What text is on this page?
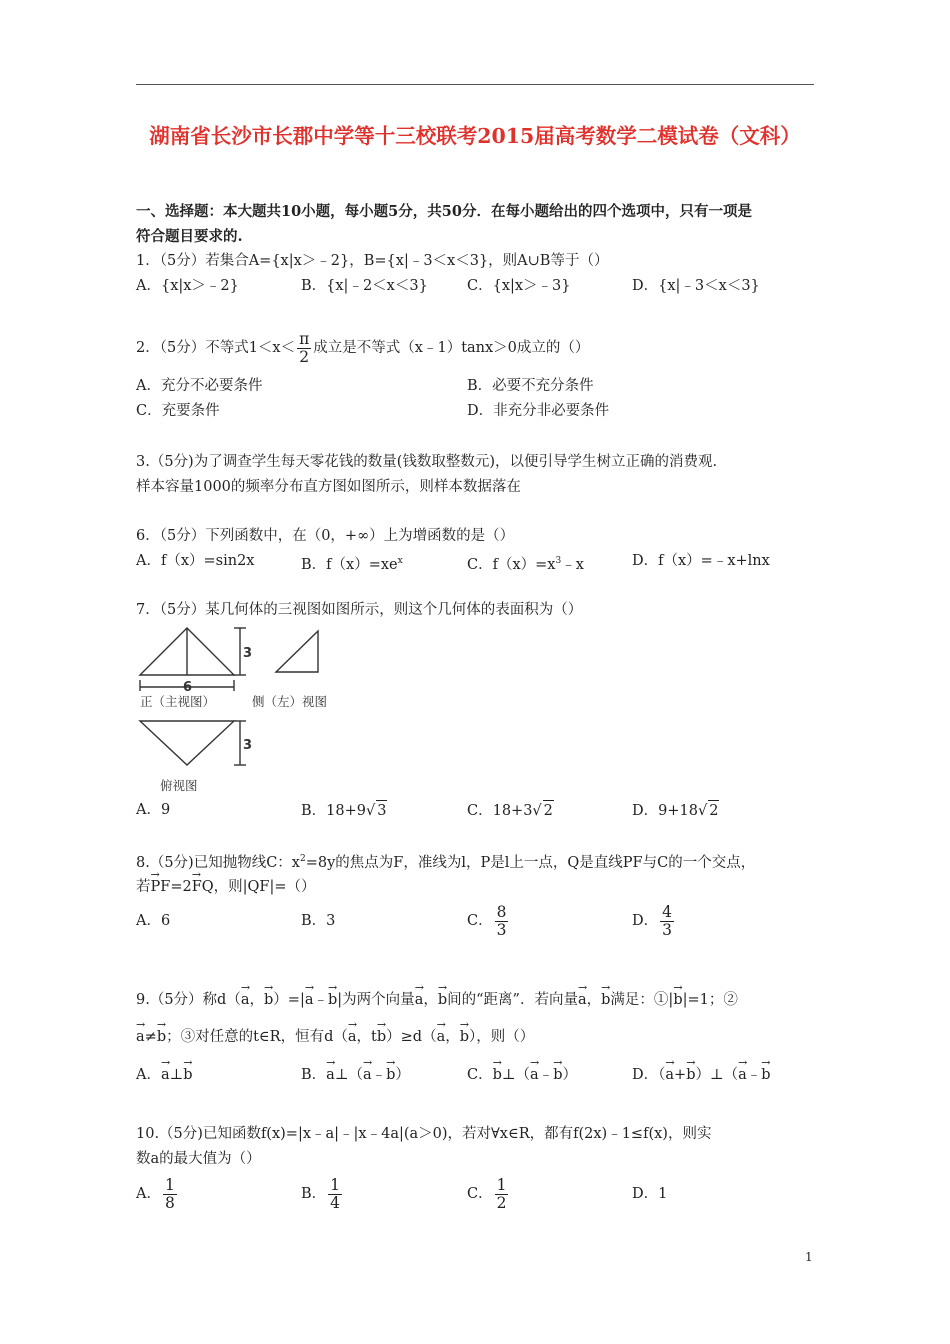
湖南省长沙市长郡中学等十三校联考2015届高考数学二模试卷（文科）
一、选择题：本大题共10小题，每小题5分，共50分．在每小题给出的四个选项中，只有一项是
符合题目要求的.
1．（5分）若集合A={x|x＞﹣2}，B={x|﹣3＜x＜3}，则A∪B等于（）
A．{x|x＞﹣2}	B．{x|﹣2＜x＜3}	C．{x|x＞﹣3}	D．{x|﹣3＜x＜3}
2．（5分）不等式$1<x< \frac{\pi}{2}$ 成立是不等式（x﹣1）tanx＞0成立的（）
A．充分不必要条件	B．必要不充分条件
C．充要条件	D．非充分非必要条件
3.（5分)为了调查学生每天零花钱的数量(钱数取整数元)，以便引导学生树立正确的消费观.
样本容量1000的频率分布直方图如图所示，则样本数据落在
6．（5分）下列函数中，在（0，+∞）上为增函数的是（）
A．f（x）=sin2x	B．$f(x)=xe^x$	C．$f(x)=x^3﹣x$	D．f（x）=﹣x+lnx
7．（5分）某几何体的三视图如图所示，则这个几何体的表面积为（）
3
6
3
正（主视图）	侧（左）视图
俯视图
A．9	B．18+9√ 3	C．18+3√ 2	D．9+18√ 2
8.（5分)已知抛物线C：$x^2=8y$的焦点为F，准线为l，P是l上一点，Q是直线PF与C的一个交点，
若→ PF=2→ FQ，则|QF|=（）
A．6	B．3	C． $\frac{8}{3}$	D． $\frac{4}{3}$
9.（5分）称d（→ a，→ b）=|→ a﹣→ b|为两个向量→ a，→ b间的“距离”．若向量→ a，→ b满足：①|→ b|=1；②
→ a≠→ b；③对任意的t∈R，恒有d（→ a，t→ b）≥d（→ a，→ b），则（）
A．→ a⊥→ b	B．→ a⊥（→ a﹣→ b）	C．→ b⊥（→ a﹣→ b）	D．（→ a+→ b）⊥（→ a﹣→ b
10.（5分)已知函数f(x)=|x﹣a|﹣|x﹣4a|(a＞0)，若对∀x∈R，都有f(2x)﹣1≤f(x)，则实
数a的最大值为（）
A． $\frac{1}{8}$	B． $\frac{1}{4}$	C． $\frac{1}{2}$	D．1
1
